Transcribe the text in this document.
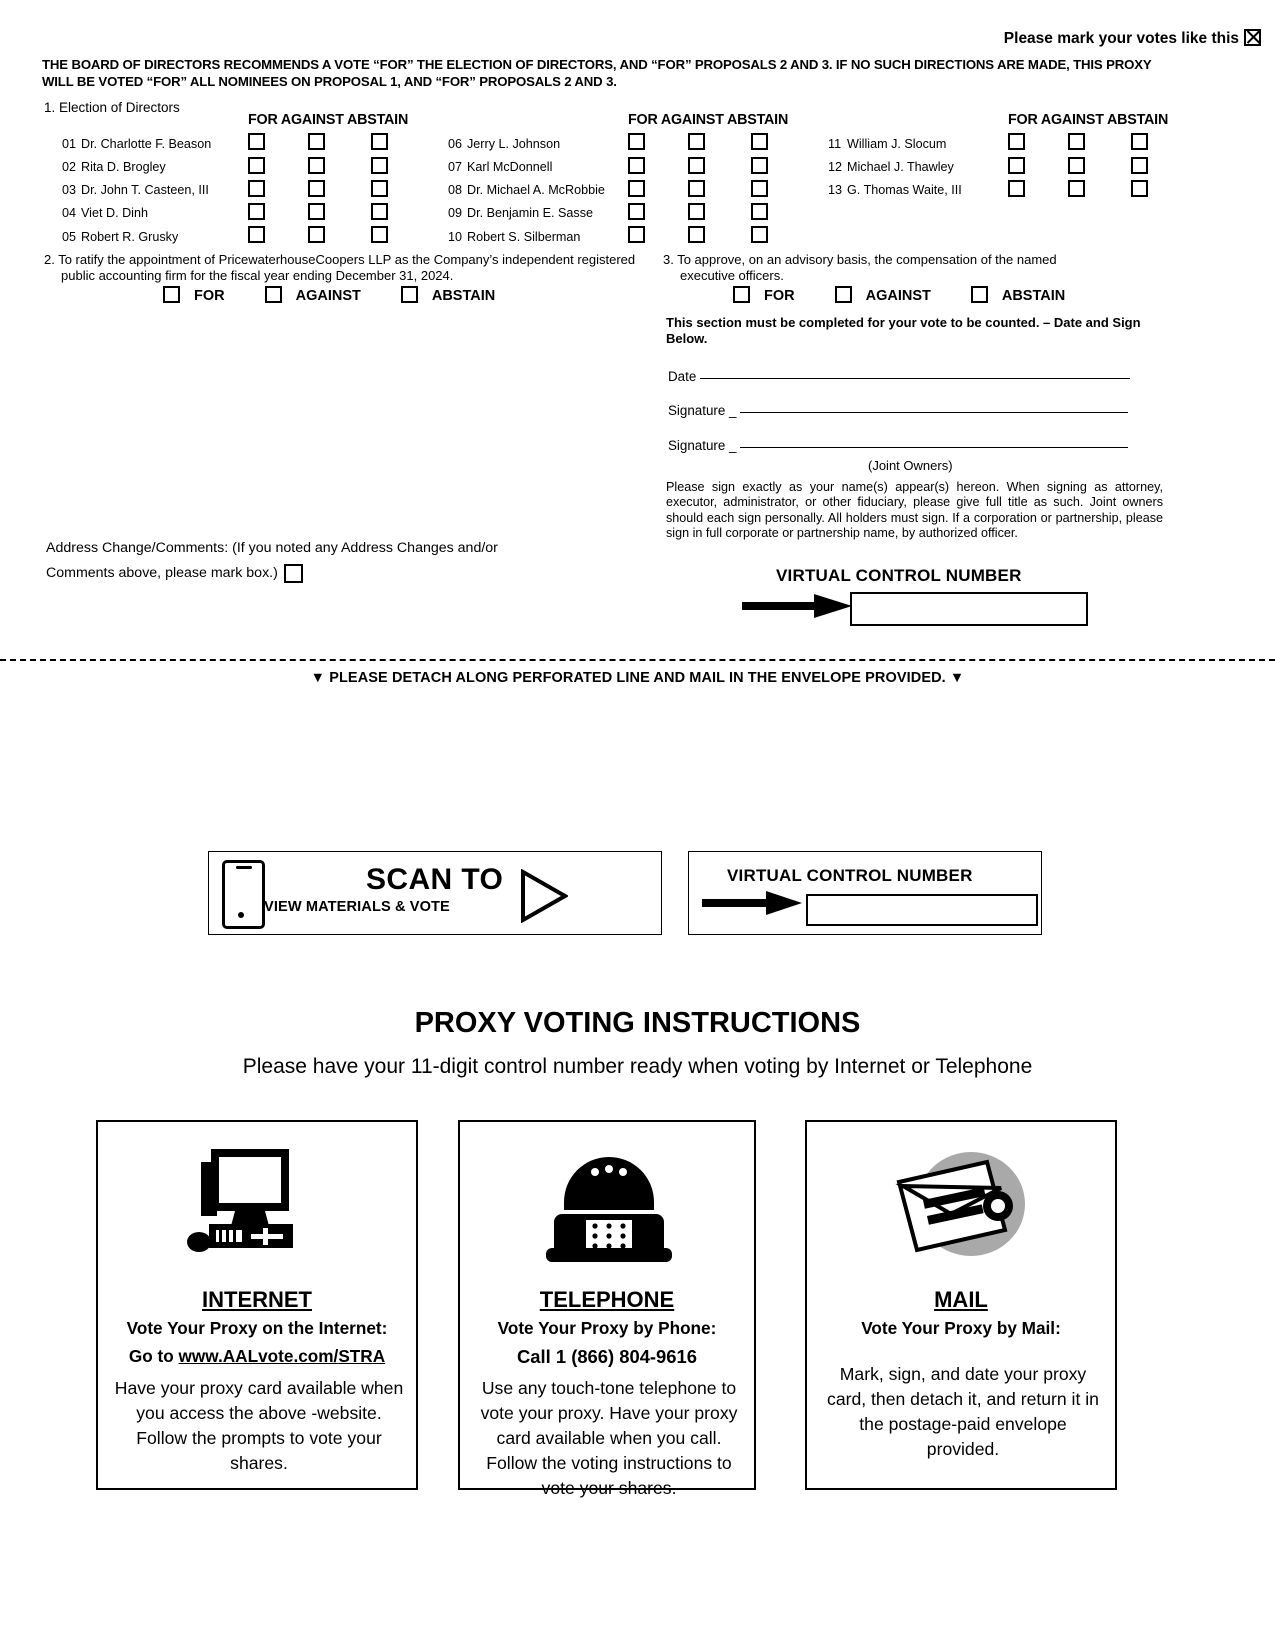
Please mark your votes like this
THE BOARD OF DIRECTORS RECOMMENDS A VOTE “FOR” THE ELECTION OF DIRECTORS, AND “FOR” PROPOSALS 2 AND 3. IF NO SUCH DIRECTIONS ARE MADE, THIS PROXY WILL BE VOTED “FOR” ALL NOMINEES ON PROPOSAL 1, AND “FOR” PROPOSALS 2 AND 3.
1. Election of Directors
FOR AGAINST ABSTAIN	FOR AGAINST ABSTAIN	FOR AGAINST ABSTAIN
01 Dr. Charlotte F. Beason
02 Rita D. Brogley
03 Dr. John T. Casteen, III
04 Viet D. Dinh
05 Robert R. Grusky
06 Jerry L. Johnson
07 Karl McDonnell
08 Dr. Michael A. McRobbie
09 Dr. Benjamin E. Sasse
10 Robert S. Silberman
11 William J. Slocum
12 Michael J. Thawley
13 G. Thomas Waite, III
2. To ratify the appointment of PricewaterhouseCoopers LLP as the Company’s independent registered public accounting firm for the fiscal year ending December 31, 2024.
FOR	AGAINST	ABSTAIN
3. To approve, on an advisory basis, the compensation of the named executive officers.
FOR	AGAINST	ABSTAIN
This section must be completed for your vote to be counted. – Date and Sign Below.
Date
Signature _
Signature _
(Joint Owners)
Please sign exactly as your name(s) appear(s) hereon. When signing as attorney, executor, administrator, or other fiduciary, please give full title as such. Joint owners should each sign personally. All holders must sign. If a corporation or partnership, please sign in full corporate or partnership name, by authorized officer.
Address Change/Comments: (If you noted any Address Changes and/or
Comments above, please mark box.)	VIRTUAL CONTROL NUMBER
▼ PLEASE DETACH ALONG PERFORATED LINE AND MAIL IN THE ENVELOPE PROVIDED. ▼
SCAN TO
VIEW MATERIALS & VOTE
VIRTUAL CONTROL NUMBER
PROXY VOTING INSTRUCTIONS
Please have your 11-digit control number ready when voting by Internet or Telephone
INTERNET
Vote Your Proxy on the Internet:
Go to www.AALvote.com/STRA
Have your proxy card available when you access the above -website. Follow the prompts to vote your shares.
TELEPHONE
Vote Your Proxy by Phone:
Call 1 (866) 804-9616
Use any touch-tone telephone to vote your proxy. Have your proxy card available when you call. Follow the voting instructions to vote your shares.
MAIL
Vote Your Proxy by Mail:
Mark, sign, and date your proxy card, then detach it, and return it in the postage-paid envelope provided.
